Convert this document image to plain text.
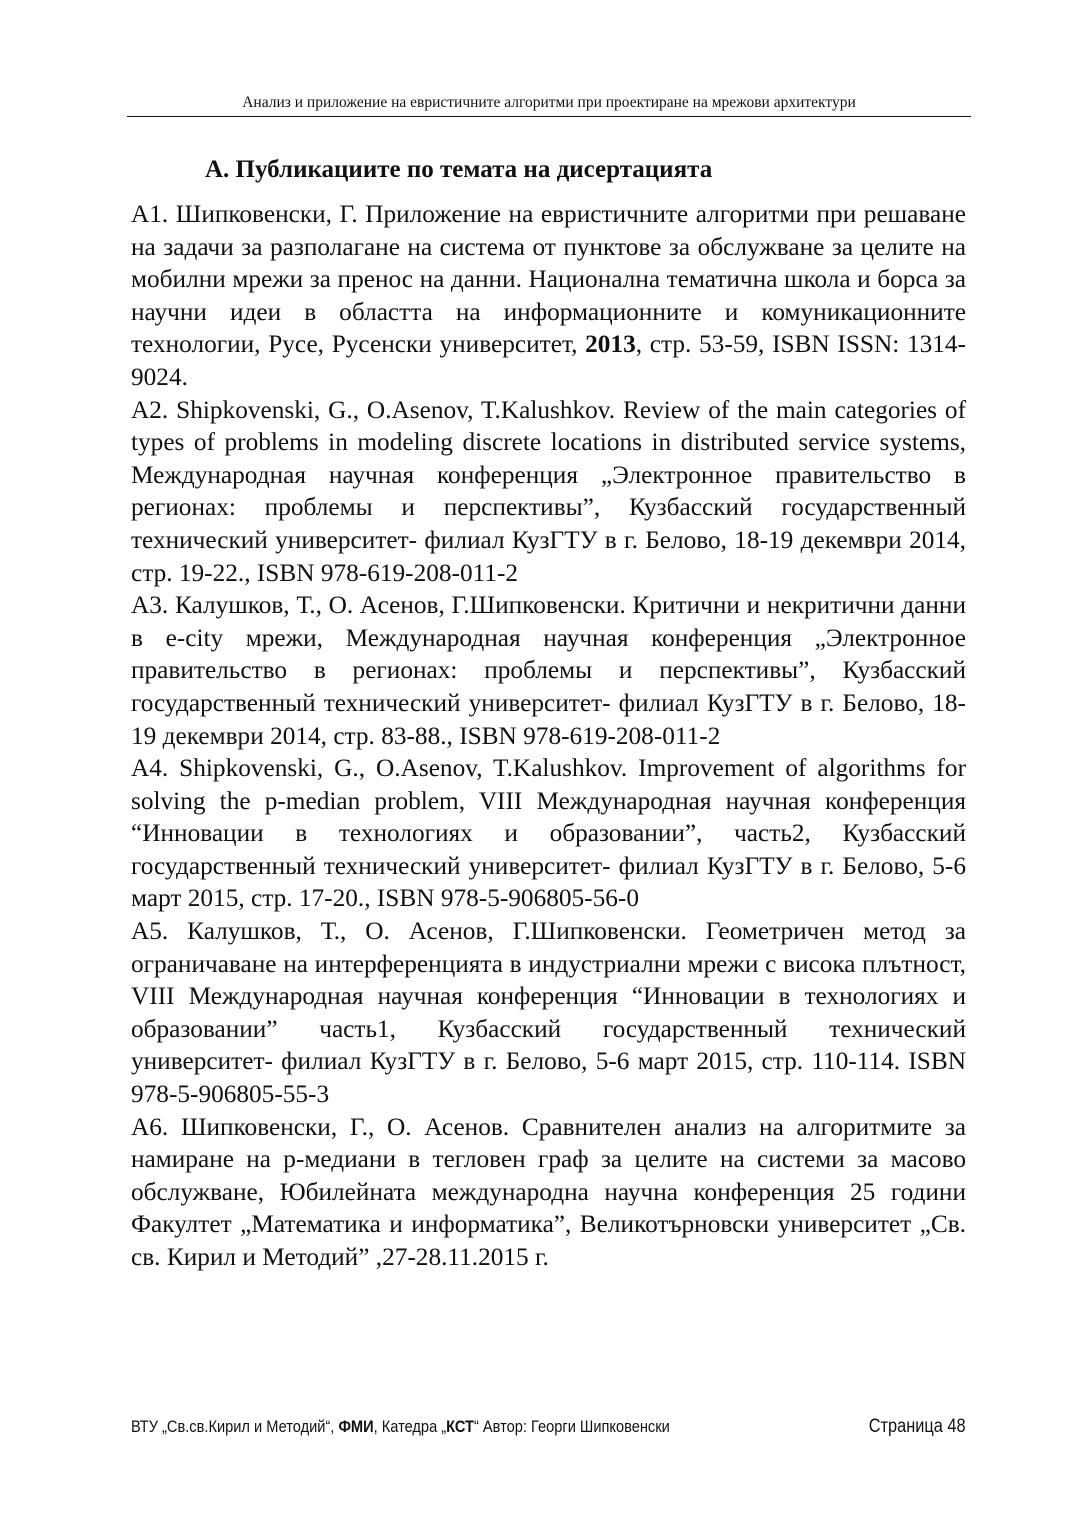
Анализ и приложение на евристичните алгоритми при проектиране на мрежови архитектури
А. Публикациите по темата на дисертацията
А1. Шипковенски, Г. Приложение на евристичните алгоритми при решаване на задачи за разполагане на система от пунктове за обслужване за целите на мобилни мрежи за пренос на данни. Национална тематична школа и борса за научни идеи в областта на информационните и комуникационните технологии, Русе, Русенски университет, 2013, стр. 53-59, ISBN ISSN: 1314-9024.
А2. Shipkovenski, G., O.Asenov, T.Kalushkov. Review of the main categories of types of problems in modeling discrete locations in distributed service systems, Международная научная конференция „Электронное правительство в регионах: проблемы и перспективы”, Кузбасский государственный технический университет- филиал КузГТУ в г. Белово, 18-19 декември 2014, стр. 19-22., ISBN 978-619-208-011-2
А3. Калушков, Т., О. Асенов, Г.Шипковенски. Критични и некритични данни в e-city мрежи, Международная научная конференция „Электронное правительство в регионах: проблемы и перспективы”, Кузбасский государственный технический университет- филиал КузГТУ в г. Белово, 18-19 декември 2014, стр. 83-88., ISBN 978-619-208-011-2
А4. Shipkovenski, G., O.Asenov, T.Kalushkov. Improvement of algorithms for solving the p-median problem, VIII Международная научная конференция “Инновации в технологиях и образовании”, часть2, Кузбасский государственный технический университет- филиал КузГТУ в г. Белово, 5-6 март 2015, стр. 17-20., ISBN 978-5-906805-56-0
А5. Калушков, Т., О. Асенов, Г.Шипковенски. Геометричен метод за ограничаване на интерференцията в индустриални мрежи с висока плътност, VIII Международная научная конференция “Инновации в технологиях и образовании” часть1, Кузбасский государственный технический университет- филиал КузГТУ в г. Белово, 5-6 март 2015, стр. 110-114. ISBN 978-5-906805-55-3
А6. Шипковенски, Г., О. Асенов. Сравнителен анализ на алгоритмите за намиране на p-медиани в тегловен граф за целите на системи за масово обслужване, Юбилейната международна научна конференция 25 години Факултет „Математика и информатика”, Великотърновски университет „Св. св. Кирил и Методий” ,27-28.11.2015 г.
ВТУ „Св.св.Кирил и Методий“, ФМИ, Катедра „КСТ“ Автор: Георги Шипковенски	Страница 48
